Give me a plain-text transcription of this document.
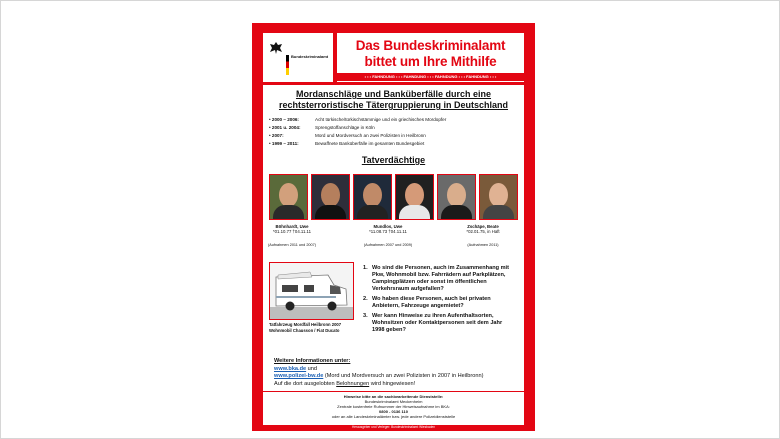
Bundeskriminalamt
Das Bundeskriminalamt
bittet um Ihre Mithilfe
• • • FAHNDUNG • • • FAHNDUNG • • • FAHNDUNG • • • FAHNDUNG • • •
Mordanschläge und Banküberfälle durch eine
rechtsterroristische Tätergruppierung in Deutschland
• 2000 – 2006:	Acht türkische/türkischstämmige und ein griechisches Mordopfer
• 2001 u. 2004:	Sprengstoffanschläge in Köln
• 2007:	Mord und Mordversuch an zwei Polizisten in Heilbronn
• 1999 – 2011:	Bewaffnete Banküberfälle im gesamten Bundesgebiet
Tatverdächtige
Böhnhardt, Uwe
*01.10.77 †04.11.11
Mundlos, Uwe
*11.08.73 †04.11.11
Zschäpe, Beate
*02.01.75, in Haft
(Aufnahmen 2011 und 2007)	(Aufnahmen 2007 und 2009)	(Aufnahmen 2011)
Tatfahrzeug Mordfall Heilbronn 2007
Wohnmobil Chausson / Fiat Ducato
1. Wo sind die Personen, auch im Zusammenhang mit Pkw, Wohnmobil bzw. Fahrrädern auf Parkplätzen, Campingplätzen oder sonst im öffentlichen Verkehrsraum aufgefallen?
2. Wo haben diese Personen, auch bei privaten Anbietern, Fahrzeuge angemietet?
3. Wer kann Hinweise zu ihren Aufenthaltsorten, Wohnsitzen oder Kontaktpersonen seit dem Jahr 1998 geben?
Weitere Informationen unter:
www.bka.de und
www.polizei-bw.de (Mord und Mordversuch an zwei Polizisten in 2007 in Heilbronn)
Auf die dort ausgelobten Belohnungen wird hingewiesen!
Hinweise bitte an die sachbearbeitende Dienststelle:
Bundeskriminalamt Meckenheim
Zentrale kostenfreie Rufnummer der Hinweisaufnahme im BKA:
0800 - 0136 110
oder an alle Landeskriminalämter bzw. jede andere Polizeidienststelle
Herausgeber und Verleger: Bundeskriminalamt Wiesbaden
